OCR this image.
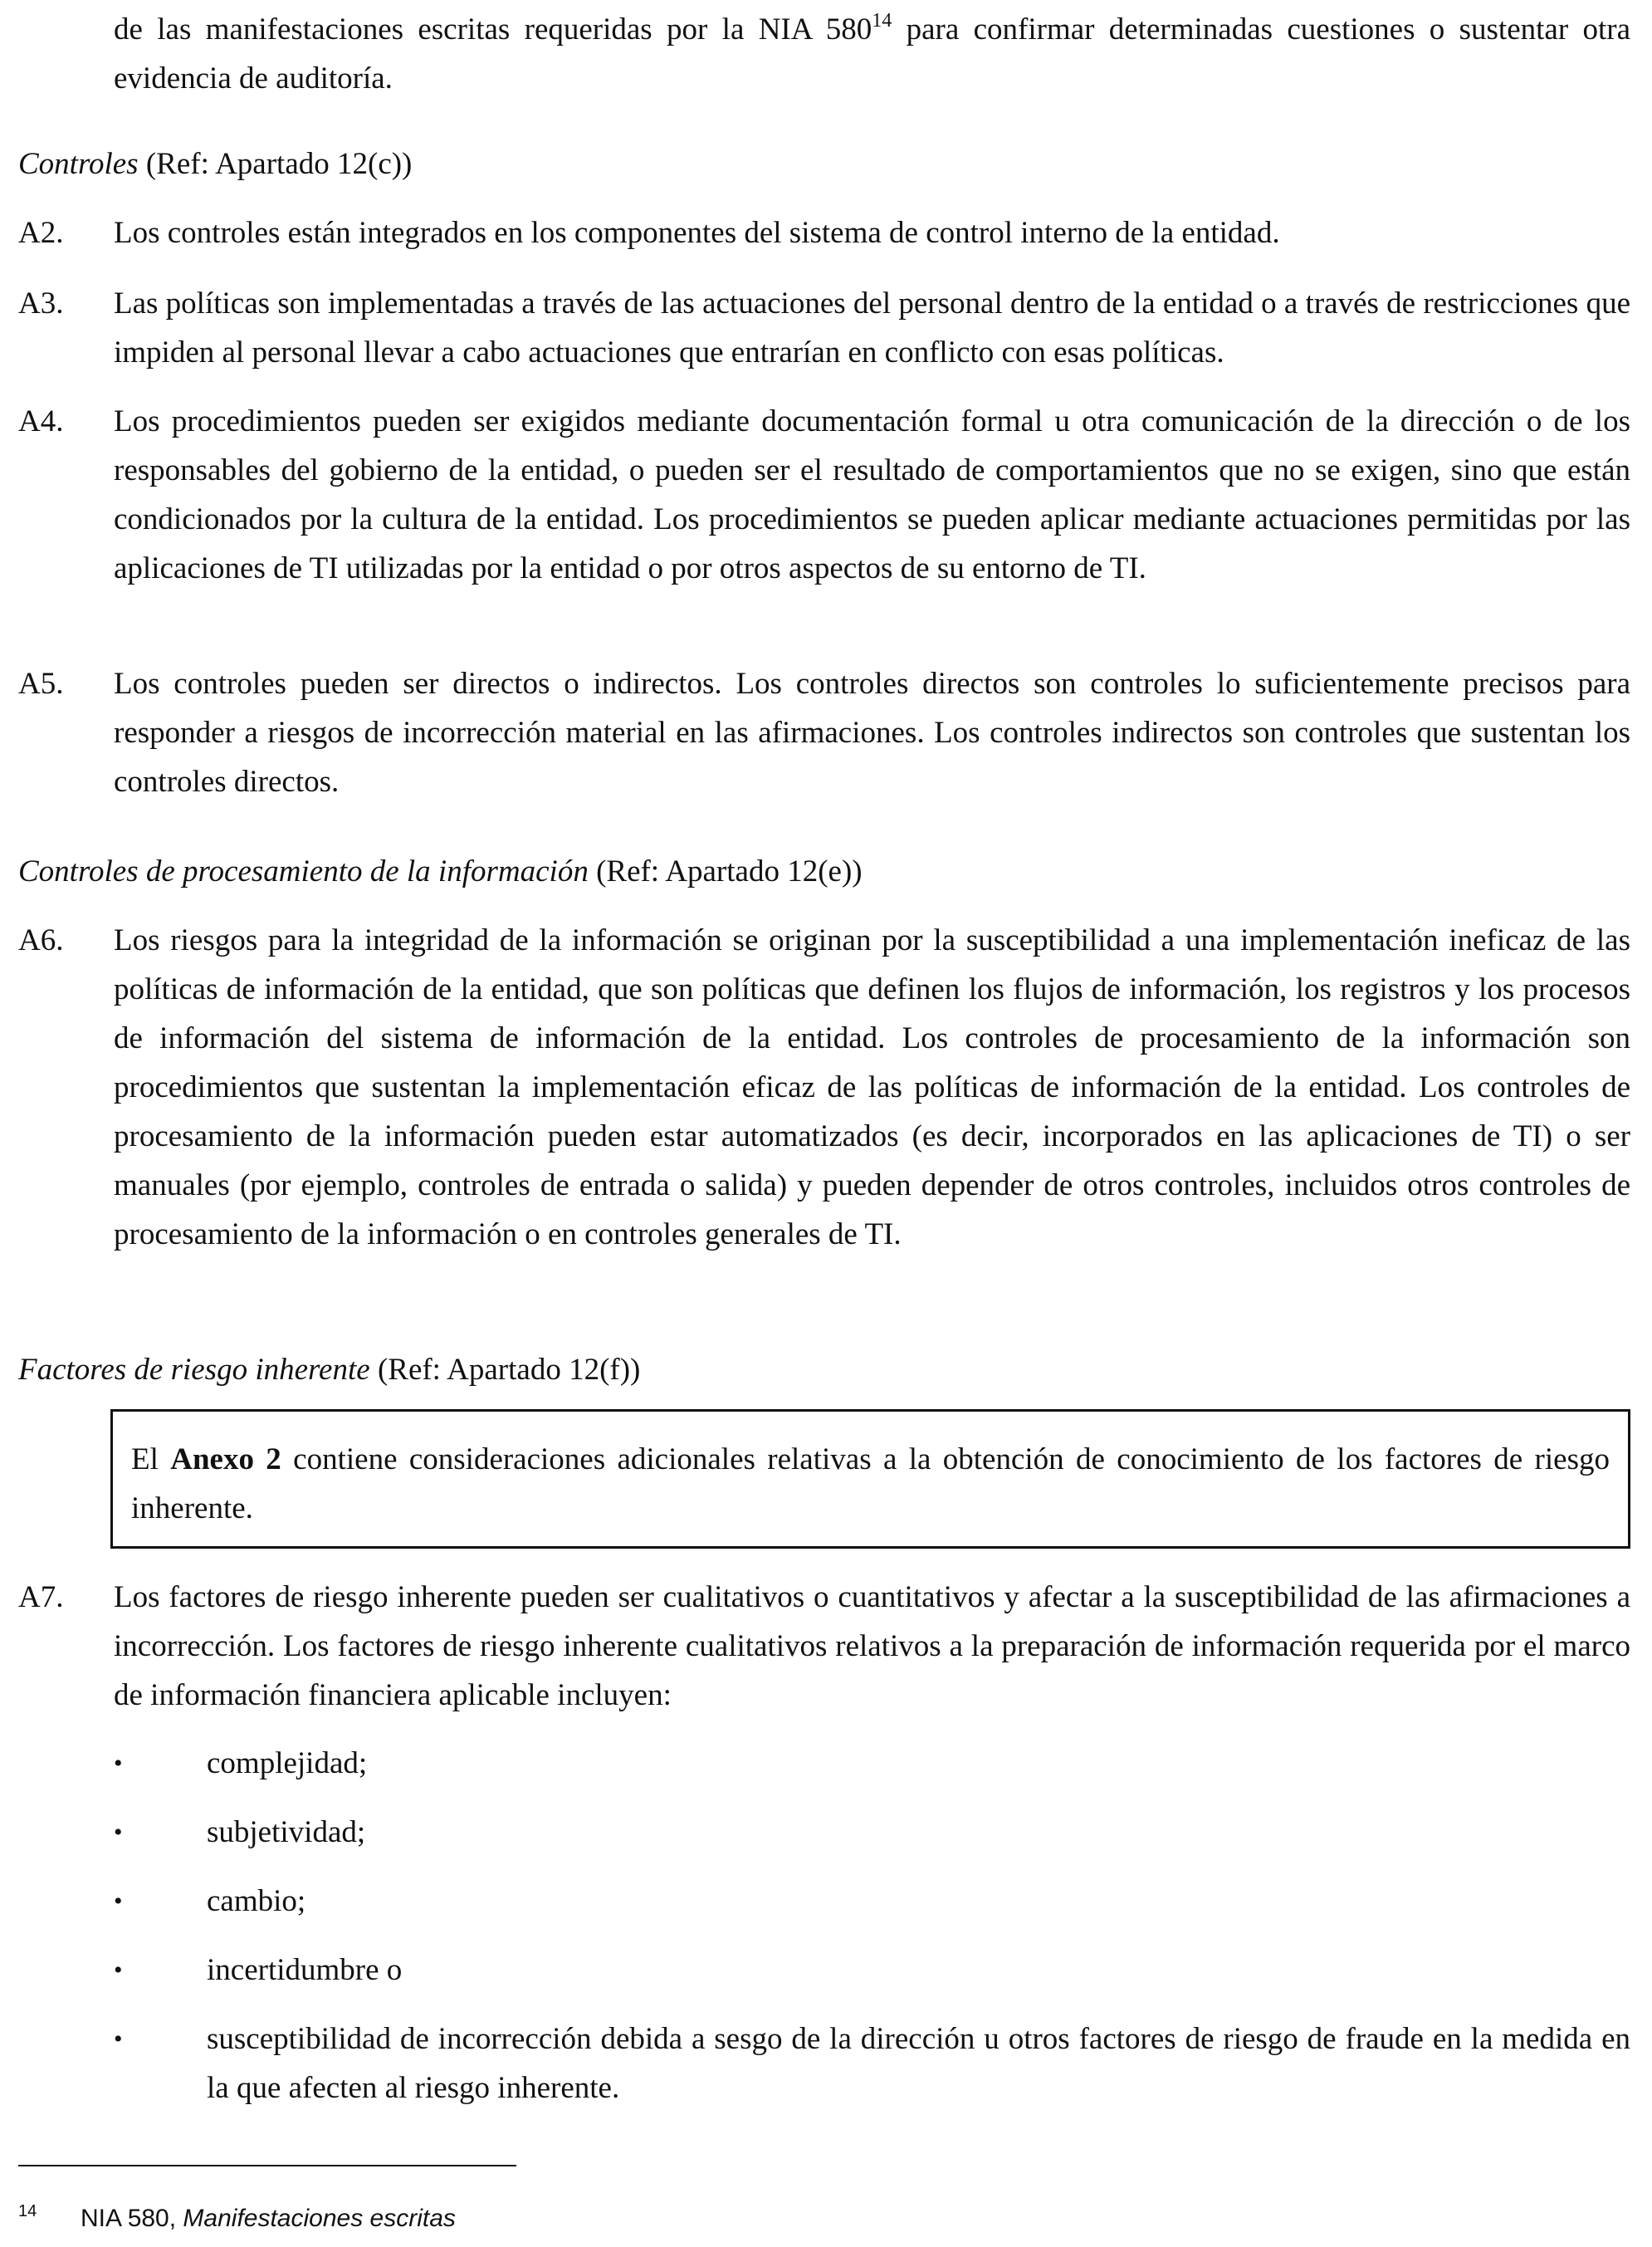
de las manifestaciones escritas requeridas por la NIA $580^{14}$ para confirmar determinadas cuestiones o sustentar otra evidencia de auditoría.

Controles (Ref: Apartado 12(c))
A2.	Los controles están integrados en los componentes del sistema de control interno de la entidad.
A3.	Las políticas son implementadas a través de las actuaciones del personal dentro de la entidad o a través de restricciones que impiden al personal llevar a cabo actuaciones que entrarían en conflicto con esas políticas.
A4.	Los procedimientos pueden ser exigidos mediante documentación formal u otra comunicación de la dirección o de los responsables del gobierno de la entidad, o pueden ser el resultado de comportamientos que no se exigen, sino que están condicionados por la cultura de la entidad. Los procedimientos se pueden aplicar mediante actuaciones permitidas por las aplicaciones de TI utilizadas por la entidad o por otros aspectos de su entorno de TI.
A5.	Los controles pueden ser directos o indirectos. Los controles directos son controles lo suficientemente precisos para responder a riesgos de incorrección material en las afirmaciones. Los controles indirectos son controles que sustentan los controles directos.
Controles de procesamiento de la información (Ref: Apartado 12(e))
A6.	Los riesgos para la integridad de la información se originan por la susceptibilidad a una implementación ineficaz de las políticas de información de la entidad, que son políticas que definen los flujos de información, los registros y los procesos de información del sistema de información de la entidad. Los controles de procesamiento de la información son procedimientos que sustentan la implementación eficaz de las políticas de información de la entidad. Los controles de procesamiento de la información pueden estar automatizados (es decir, incorporados en las aplicaciones de TI) o ser manuales (por ejemplo, controles de entrada o salida) y pueden depender de otros controles, incluidos otros controles de procesamiento de la información o en controles generales de TI.
Factores de riesgo inherente (Ref: Apartado 12(f))
El Anexo 2 contiene consideraciones adicionales relativas a la obtención de conocimiento de los factores de riesgo inherente.
A7.	Los factores de riesgo inherente pueden ser cualitativos o cuantitativos y afectar a la susceptibilidad de las afirmaciones a incorrección. Los factores de riesgo inherente cualitativos relativos a la preparación de información requerida por el marco de información financiera aplicable incluyen:
•	complejidad;
•	subjetividad;
•	cambio;
•	incertidumbre o
•	susceptibilidad de incorrección debida a sesgo de la dirección u otros factores de riesgo de fraude en la medida en la que afecten al riesgo inherente.
14 NIA 580, Manifestaciones escritas
